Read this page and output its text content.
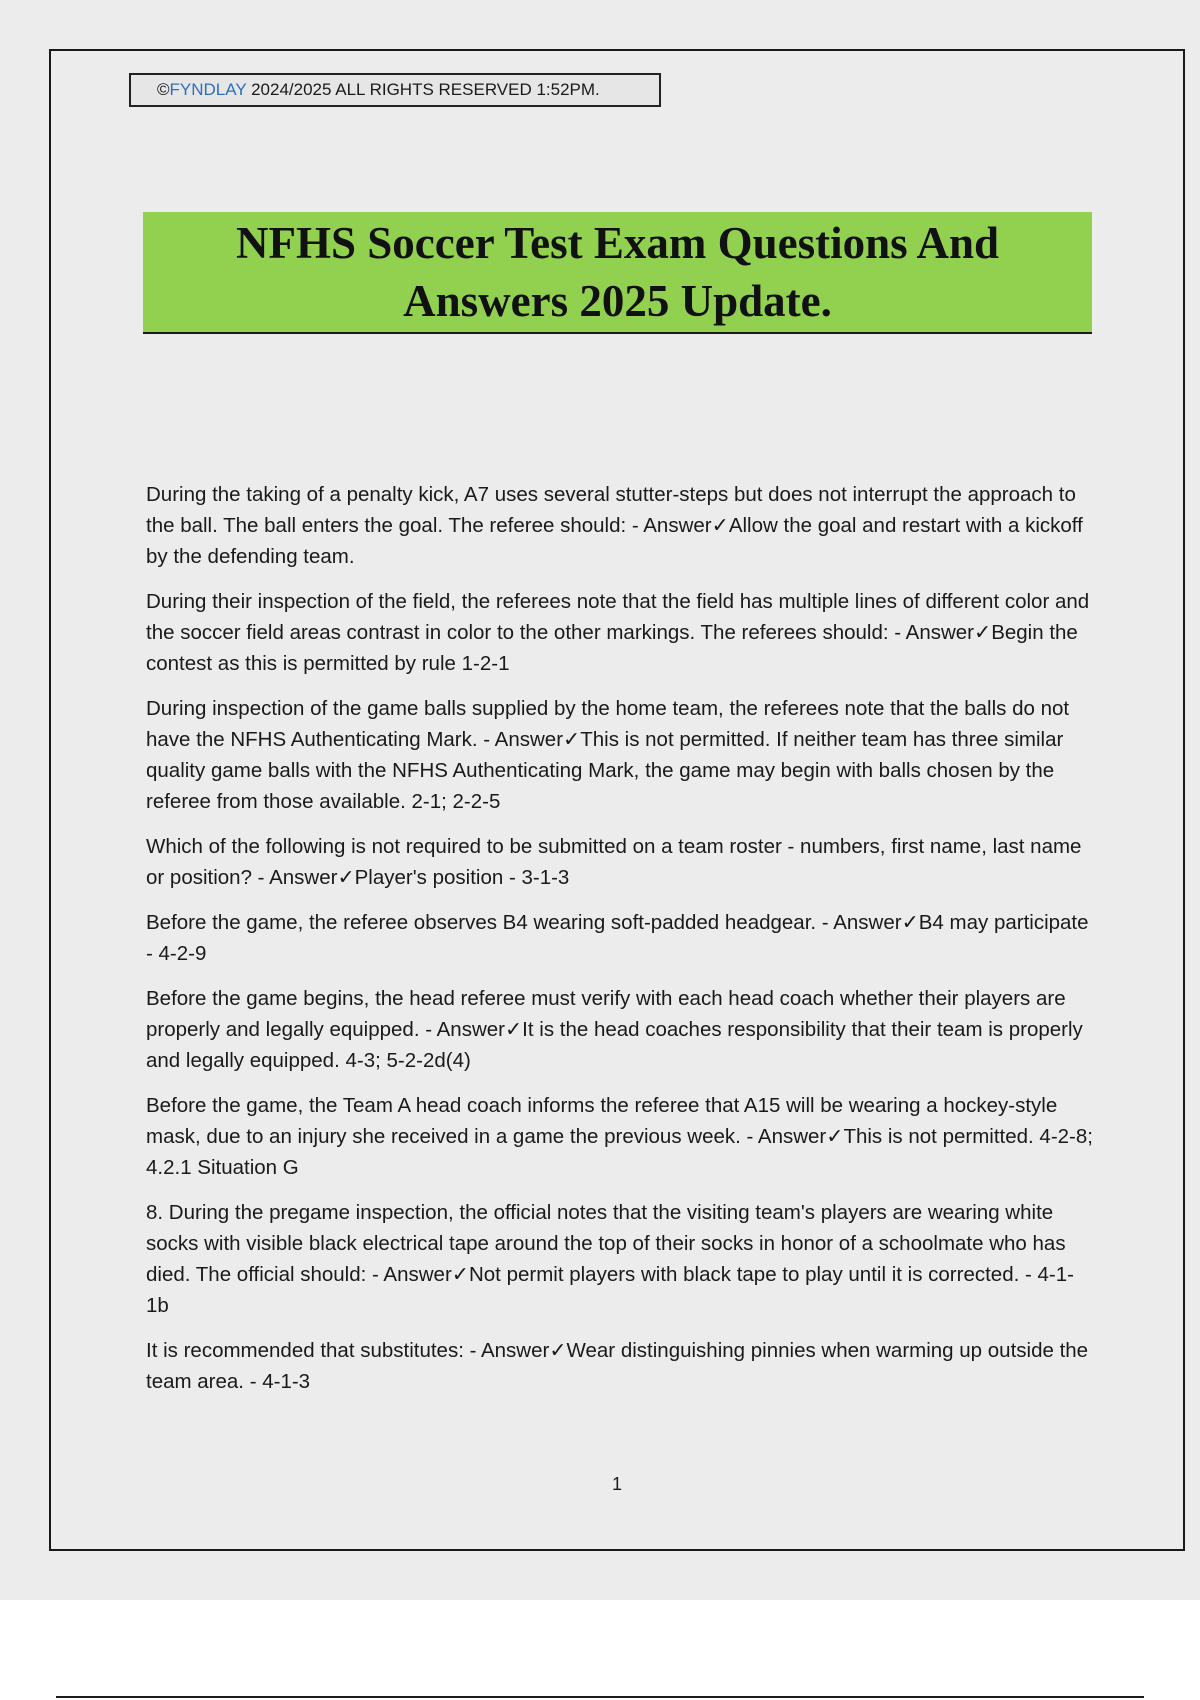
©FYNDLAY 2024/2025 ALL RIGHTS RESERVED 1:52PM.
NFHS Soccer Test Exam Questions And
Answers 2025 Update.

During the taking of a penalty kick, A7 uses several stutter-steps but does not interrupt the approach to the ball. The ball enters the goal. The referee should: - Answer✓Allow the goal and restart with a kickoff by the defending team.

During their inspection of the field, the referees note that the field has multiple lines of different color and the soccer field areas contrast in color to the other markings. The referees should: - Answer✓Begin the contest as this is permitted by rule 1-2-1

During inspection of the game balls supplied by the home team, the referees note that the balls do not have the NFHS Authenticating Mark. - Answer✓This is not permitted. If neither team has three similar quality game balls with the NFHS Authenticating Mark, the game may begin with balls chosen by the referee from those available. 2-1; 2-2-5

Which of the following is not required to be submitted on a team roster - numbers, first name, last name or position? - Answer✓Player's position - 3-1-3

Before the game, the referee observes B4 wearing soft-padded headgear. - Answer✓B4 may participate - 4-2-9

Before the game begins, the head referee must verify with each head coach whether their players are properly and legally equipped. - Answer✓It is the head coaches responsibility that their team is properly and legally equipped. 4-3; 5-2-2d(4)

Before the game, the Team A head coach informs the referee that A15 will be wearing a hockey-style mask, due to an injury she received in a game the previous week. - Answer✓This is not permitted. 4-2-8; 4.2.1 Situation G

8. During the pregame inspection, the official notes that the visiting team's players are wearing white socks with visible black electrical tape around the top of their socks in honor of a schoolmate who has died. The official should: - Answer✓Not permit players with black tape to play until it is corrected. - 4-1-1b

It is recommended that substitutes: - Answer✓Wear distinguishing pinnies when warming up outside the team area. - 4-1-3

1
